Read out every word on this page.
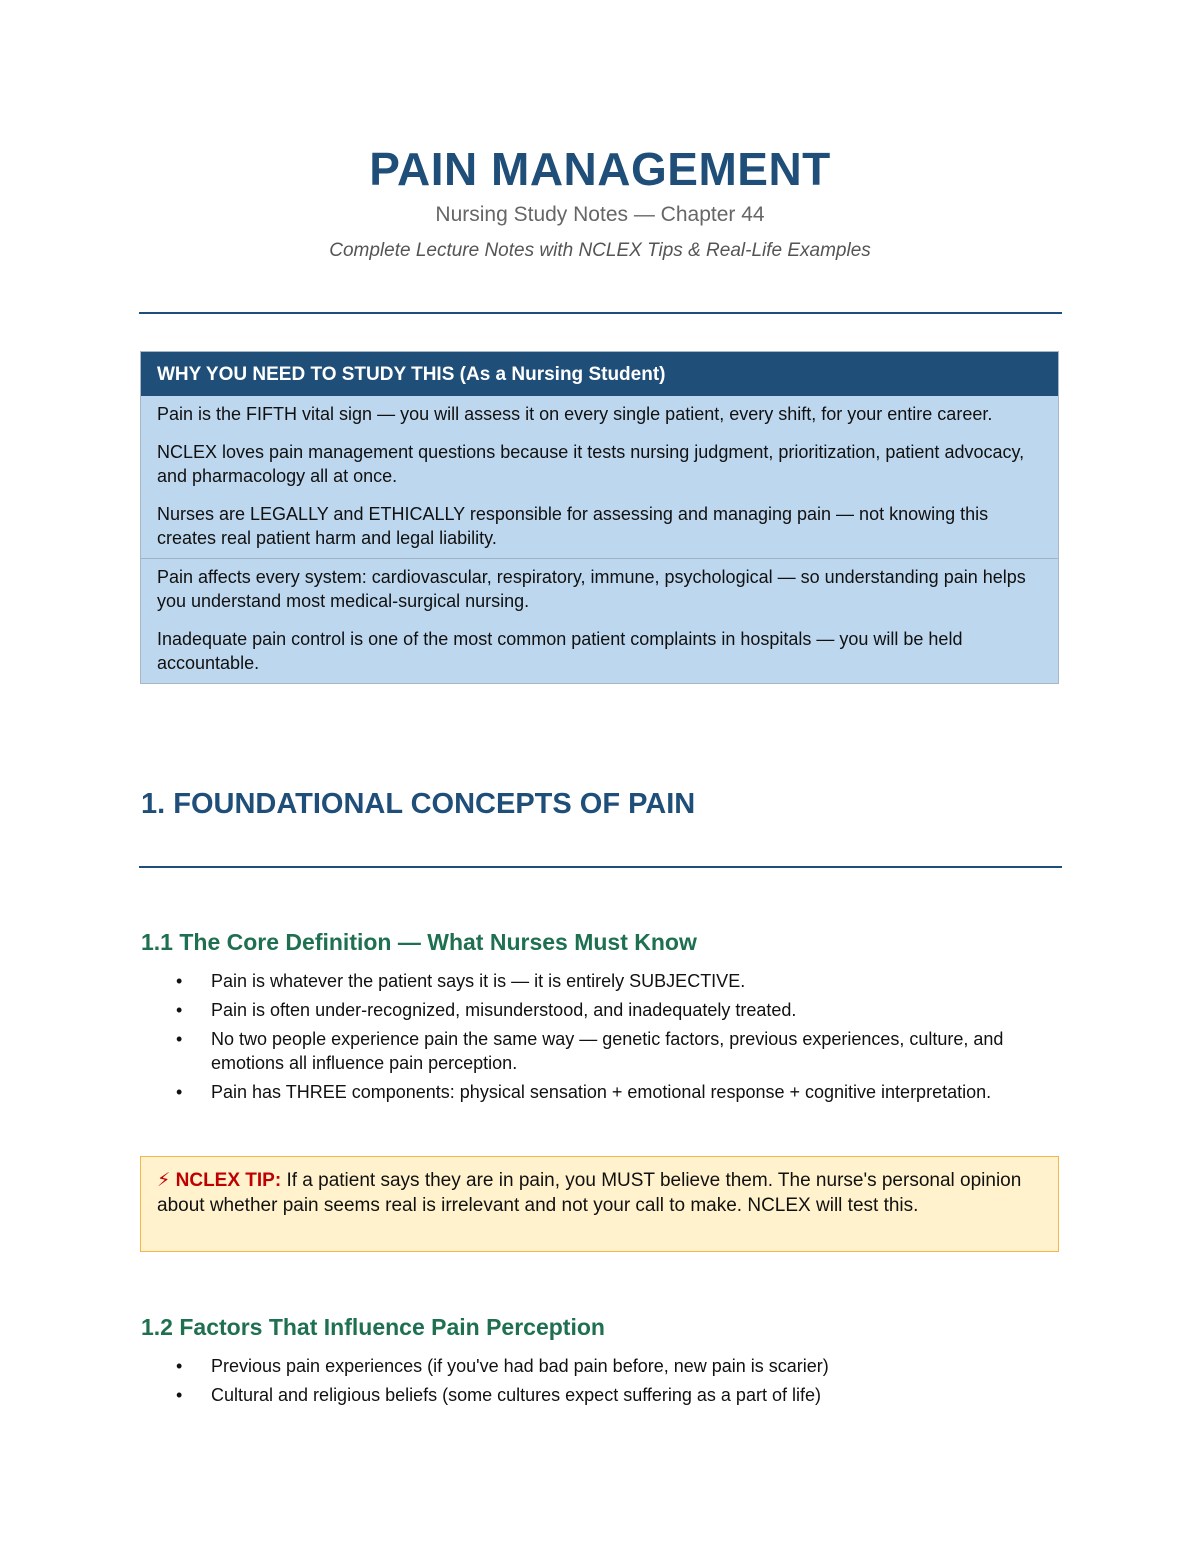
PAIN MANAGEMENT
Nursing Study Notes — Chapter 44
Complete Lecture Notes with NCLEX Tips & Real-Life Examples
WHY YOU NEED TO STUDY THIS (As a Nursing Student)

Pain is the FIFTH vital sign — you will assess it on every single patient, every shift, for your entire career.

NCLEX loves pain management questions because it tests nursing judgment, prioritization, patient advocacy, and pharmacology all at once.

Nurses are LEGALLY and ETHICALLY responsible for assessing and managing pain — not knowing this creates real patient harm and legal liability.

Pain affects every system: cardiovascular, respiratory, immune, psychological — so understanding pain helps you understand most medical-surgical nursing.

Inadequate pain control is one of the most common patient complaints in hospitals — you will be held accountable.

1. FOUNDATIONAL CONCEPTS OF PAIN
1.1 The Core Definition — What Nurses Must Know
• Pain is whatever the patient says it is — it is entirely SUBJECTIVE.
• Pain is often under-recognized, misunderstood, and inadequately treated.
• No two people experience pain the same way — genetic factors, previous experiences, culture, and emotions all influence pain perception.
• Pain has THREE components: physical sensation + emotional response + cognitive interpretation.
⚡ NCLEX TIP: If a patient says they are in pain, you MUST believe them. The nurse's personal opinion about whether pain seems real is irrelevant and not your call to make. NCLEX will test this.
1.2 Factors That Influence Pain Perception
• Previous pain experiences (if you've had bad pain before, new pain is scarier)
• Cultural and religious beliefs (some cultures expect suffering as a part of life)
